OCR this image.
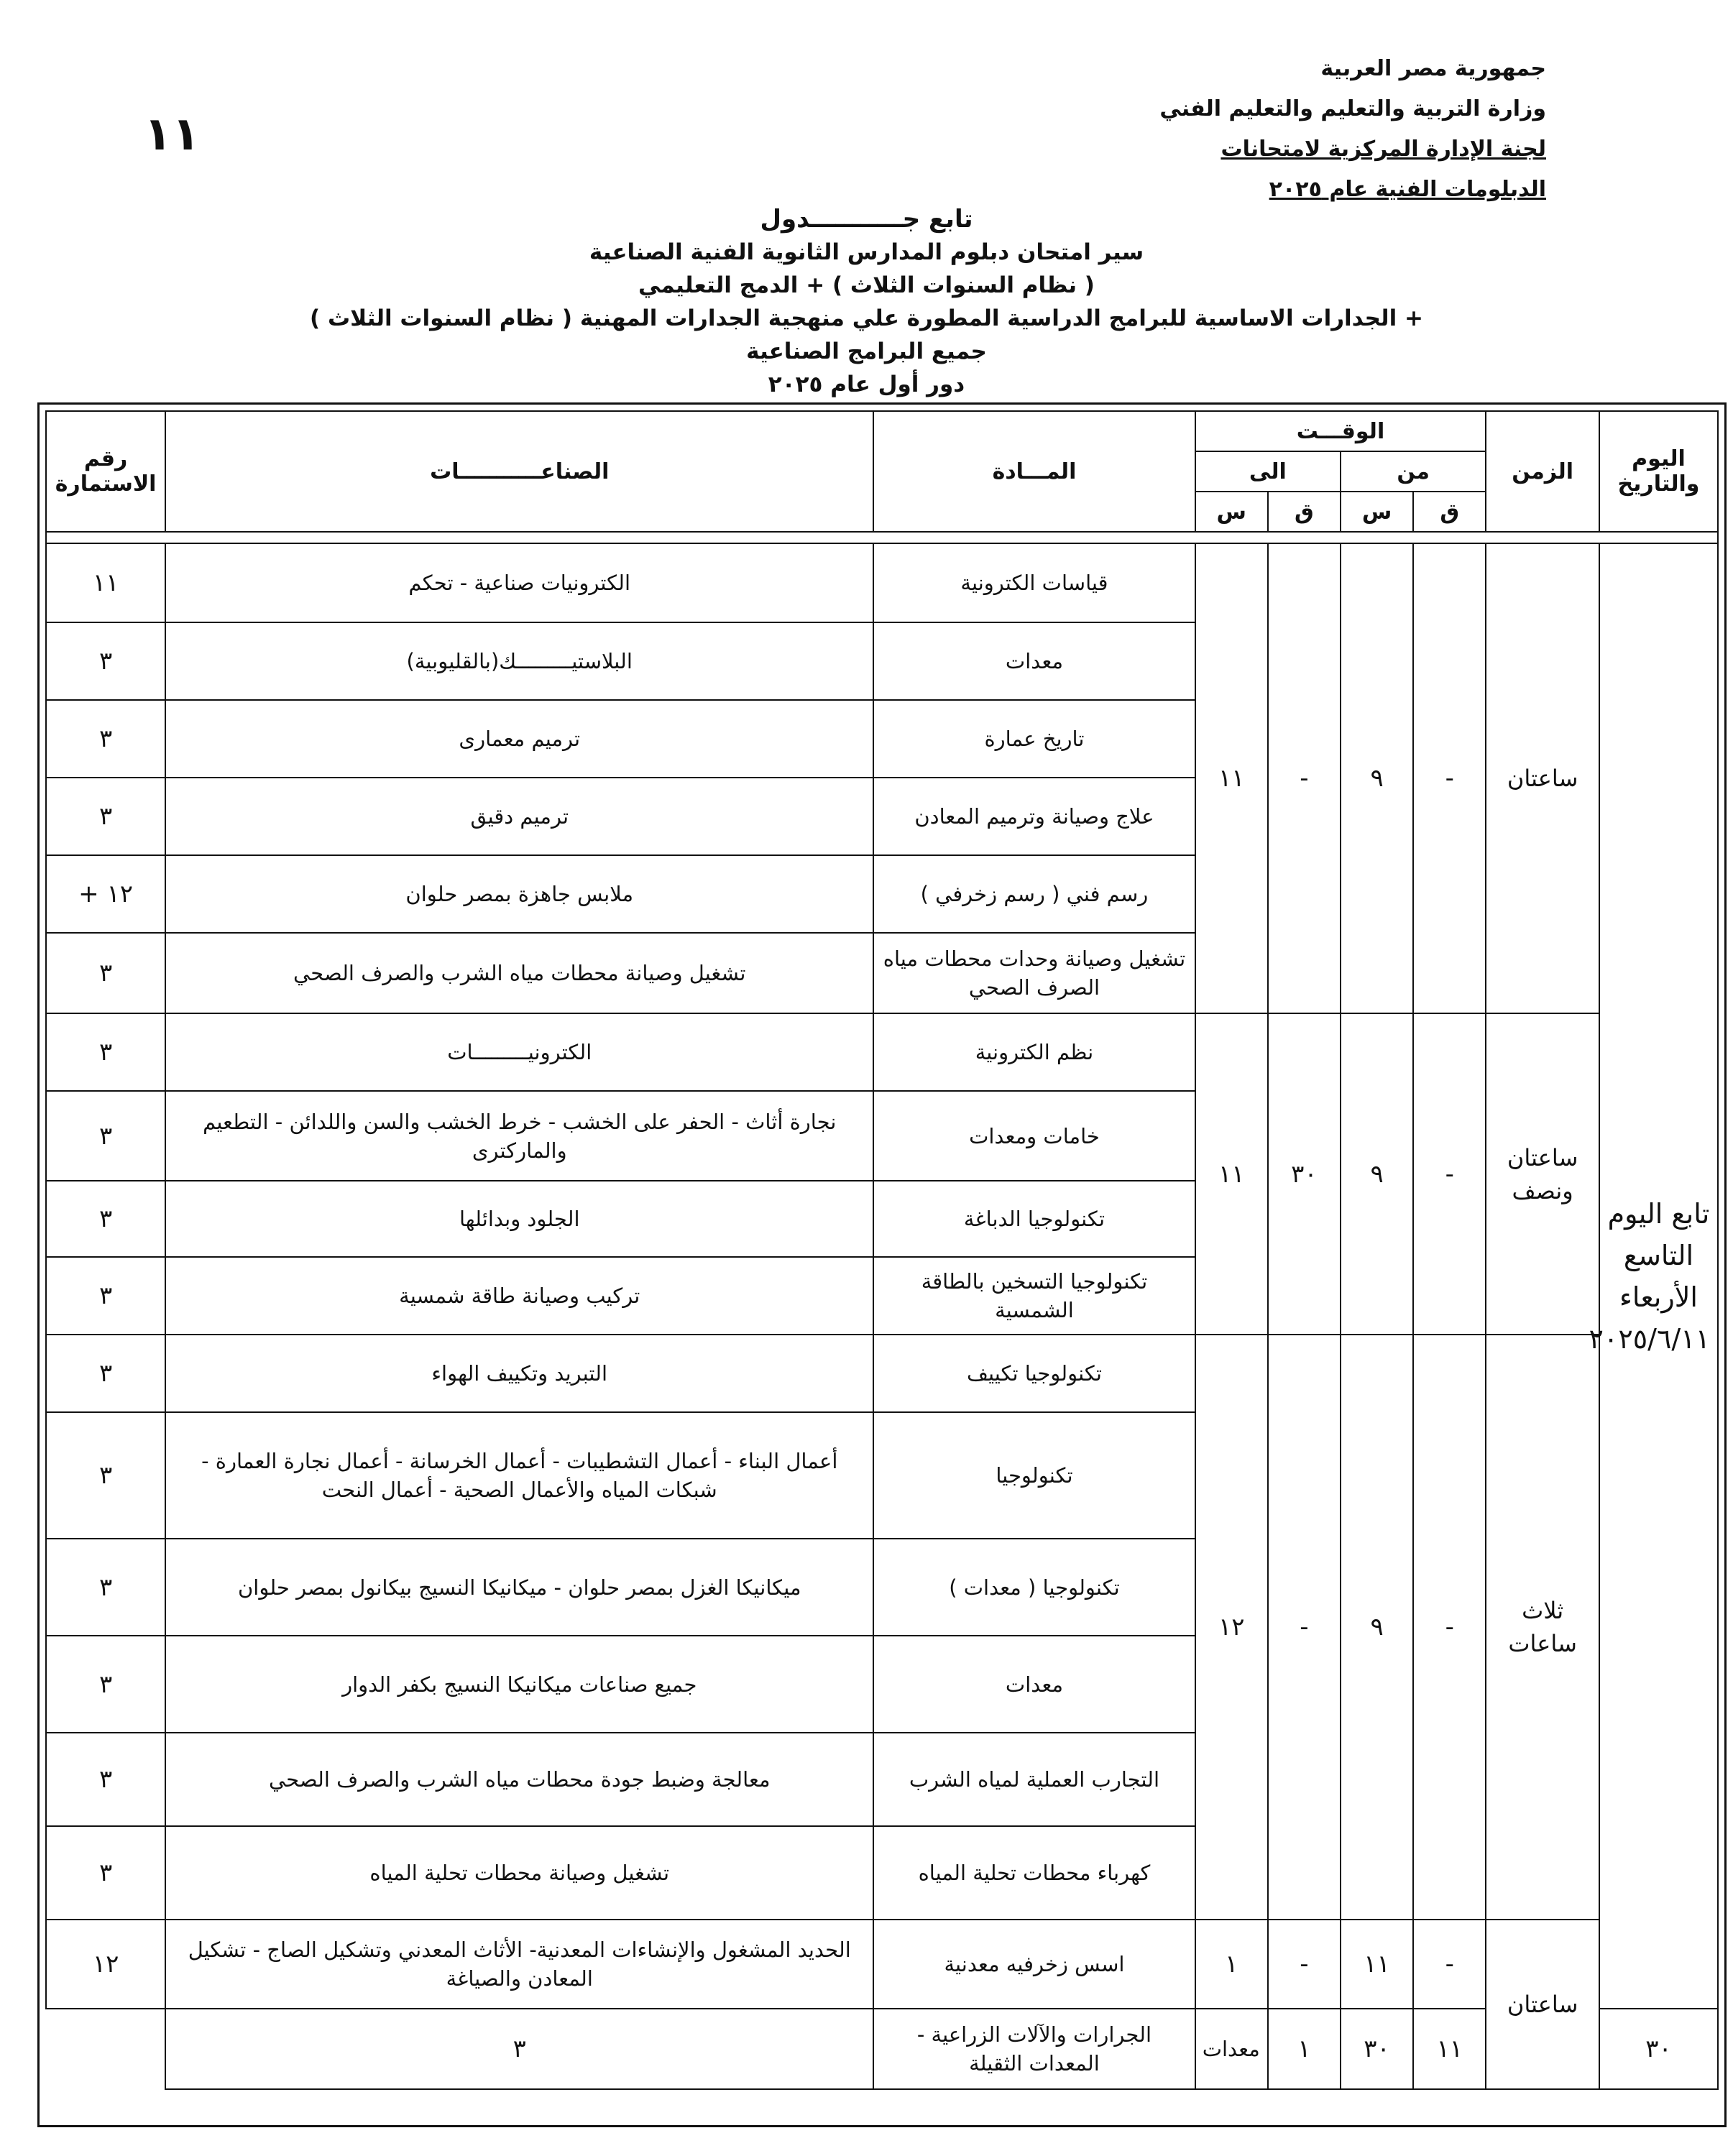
جمهورية مصر العربية
وزارة التربية والتعليم والتعليم الفني
لجنة الإدارة المركزية لامتحانات
الدبلومات الفنية عام ٢٠٢٥
١١
تابع جـــــــــــدول
سير امتحان دبلوم المدارس الثانوية الفنية الصناعية
( نظام السنوات الثلاث ) + الدمج التعليمي
+ الجدارات الاساسية للبرامج الدراسية المطورة علي منهجية الجدارات المهنية ( نظام السنوات الثلاث )
جميع البرامج الصناعية
دور أول عام ٢٠٢٥
اليوم والتاريخ	الزمن	الوقـــت				المـــادة	الصناعـــــــــــات	رقم الاستمارة
		من		الى				
		ق	س	ق	س			

تابع اليوم التاسع الأربعاء ٢٠٢٥/٦/١١	ساعتان	-	٩	-	١١	قياسات الكترونية	الكترونيات صناعية - تحكم	١١
						معدات	البلاستيـــــــــك(بالقليوبية)	٣
						تاريخ عمارة	ترميم معمارى	٣
						علاج وصيانة وترميم المعادن	ترميم دقيق	٣
						رسم فني ( رسم زخرفي )	ملابس جاهزة بمصر حلوان	١٢ +
						تشغيل وصيانة وحدات محطات مياه الصرف الصحي	تشغيل وصيانة محطات مياه الشرب والصرف الصحي	٣
	ساعتان ونصف	-	٩	٣٠	١١	نظم الكترونية	الكترونيـــــــــات	٣
						خامات ومعدات	نجارة أثاث - الحفر على الخشب - خرط الخشب والسن واللدائن - التطعيم والماركترى	٣
						تكنولوجيا الدباغة	الجلود وبدائلها	٣
						تكنولوجيا التسخين بالطاقة الشمسية	تركيب وصيانة طاقة شمسية	٣
	ثلاث ساعات	-	٩	-	١٢	تكنولوجيا تكييف	التبريد وتكييف الهواء	٣
						تكنولوجيا	أعمال البناء - أعمال التشطيبات - أعمال الخرسانة - أعمال نجارة العمارة - شبكات المياه والأعمال الصحية - أعمال النحت	٣
						تكنولوجيا ( معدات )	ميكانيكا الغزل بمصر حلوان - ميكانيكا النسيج بيكانول بمصر حلوان	٣
						معدات	جميع صناعات ميكانيكا النسيج بكفر الدوار	٣
						التجارب العملية لمياه الشرب	معالجة وضبط جودة محطات مياه الشرب والصرف الصحي	٣
						كهرباء محطات تحلية المياه	تشغيل وصيانة محطات تحلية المياه	٣
	ساعتان	-	١١	-	١	اسس زخرفيه معدنية	الحديد المشغول والإنشاءات المعدنية- الأثاث المعدني وتشكيل الصاج - تشكيل المعادن والصياغة	١٢
٣٠		١١	٣٠	١	معدات	الجرارات والآلات الزراعية - المعدات الثقيلة	٣	
